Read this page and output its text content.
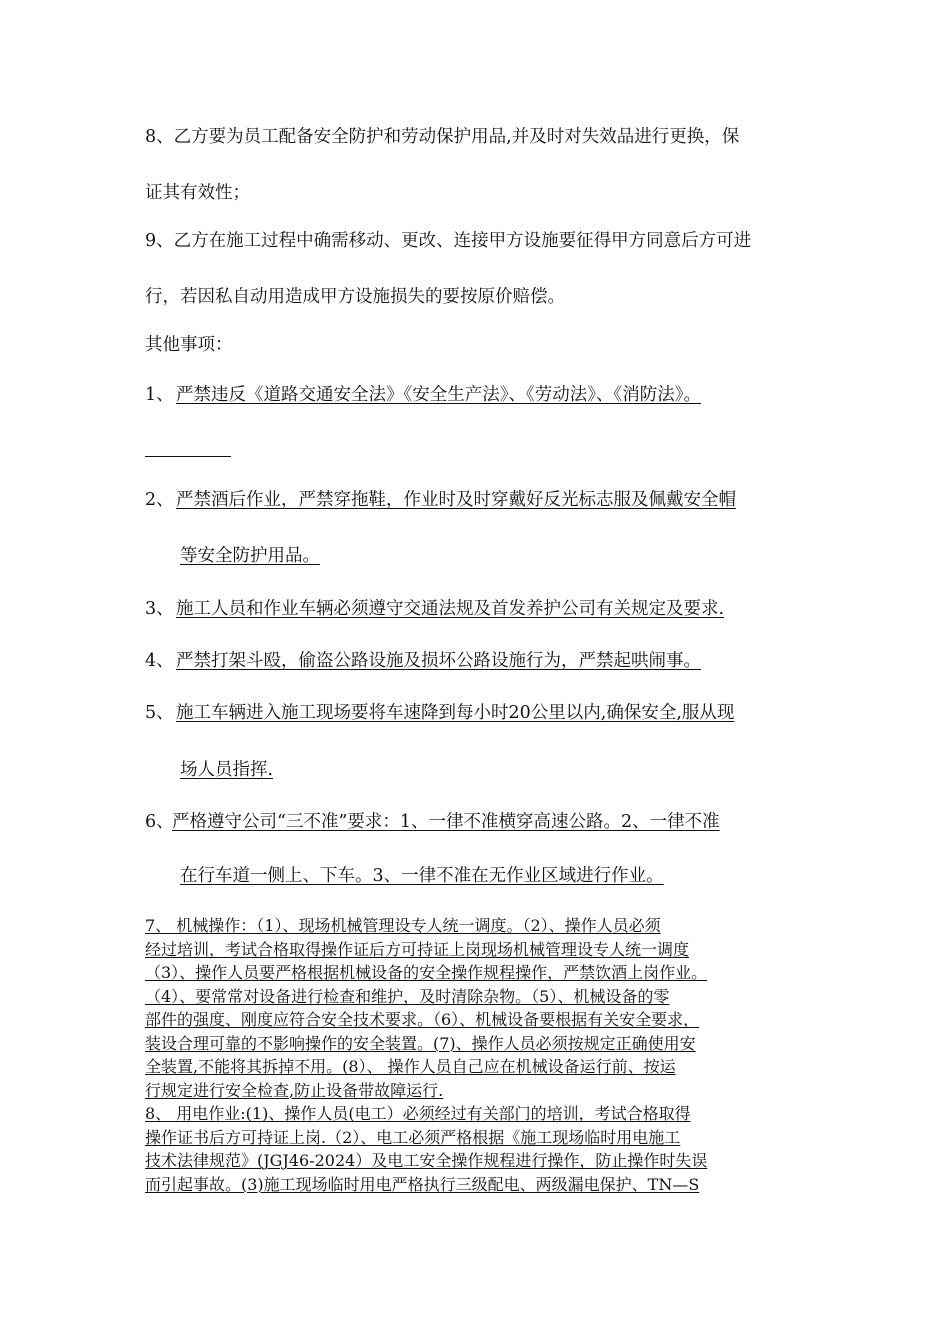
8、乙方要为员工配备安全防护和劳动保护用品,并及时对失效品进行更换，保
证其有效性；
9、乙方在施工过程中确需移动、更改、连接甲方设施要征得甲方同意后方可进
行，若因私自动用造成甲方设施损失的要按原价赔偿。
其他事项：
1、 严禁违反《道路交通安全法》《安全生产法》、《劳动法》、《消防法》。
2、 严禁酒后作业，严禁穿拖鞋，作业时及时穿戴好反光标志服及佩戴安全帽
等安全防护用品。
3、 施工人员和作业车辆必须遵守交通法规及首发养护公司有关规定及要求.
4、 严禁打架斗殴，偷盗公路设施及损坏公路设施行为，严禁起哄闹事。
5、 施工车辆进入施工现场要将车速降到每小时20公里以内,确保安全,服从现
场人员指挥.
6、
严格遵守公司“三不准”要求：1、一律不准横穿高速公路。2、一律不准
在行车道一侧上、下车。3、一律不准在无作业区域进行作业。
7、 机械操作：（1）、现场机械管理设专人统一调度。（2）、操作人员必须
经过培训，考试合格取得操作证后方可持证上岗现场机械管理设专人统一调度
（3）、操作人员要严格根据机械设备的安全操作规程操作，严禁饮酒上岗作业。
（4）、要常常对设备进行检查和维护，及时清除杂物。（5）、机械设备的零
部件的强度、刚度应符合安全技术要求。（6）、机械设备要根据有关安全要求，
装设合理可靠的不影响操作的安全装置。(7)、操作人员必须按规定正确使用安
全装置,不能将其拆掉不用。(8）、 操作人员自己应在机械设备运行前、按运
行规定进行安全检查,防止设备带故障运行.
8、 用电作业:(1)、操作人员(电工）必须经过有关部门的培训，考试合格取得
操作证书后方可持证上岗.（2）、电工必须严格根据《施工现场临时用电施工
技术法律规范》(JGJ46-2024）及电工安全操作规程进行操作，防止操作时失误
而引起事故。(3)施工现场临时用电严格执行三级配电、两级漏电保护、TN—S
